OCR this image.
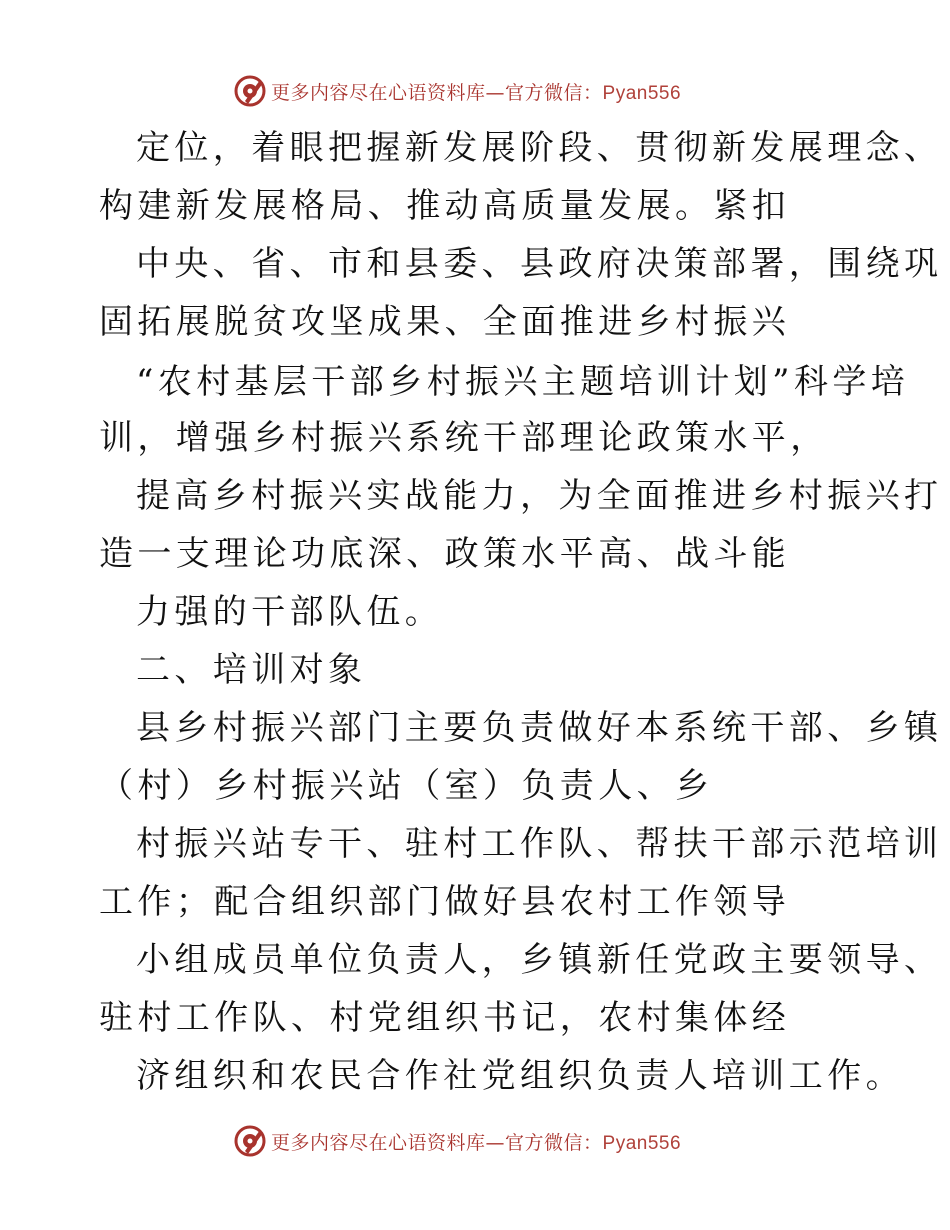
更多内容尽在心语资料库—官方微信：Pyan556
定位，着眼把握新发展阶段、贯彻新发展理念、
构建新发展格局、推动高质量发展。紧扣
中央、省、市和县委、县政府决策部署，围绕巩
固拓展脱贫攻坚成果、全面推进乡村振兴
“农村基层干部乡村振兴主题培训计划”科学培
训，增强乡村振兴系统干部理论政策水平，
提高乡村振兴实战能力，为全面推进乡村振兴打
造一支理论功底深、政策水平高、战斗能
力强的干部队伍。
二、培训对象
县乡村振兴部门主要负责做好本系统干部、乡镇
（村）乡村振兴站（室）负责人、乡
村振兴站专干、驻村工作队、帮扶干部示范培训
工作；配合组织部门做好县农村工作领导
小组成员单位负责人，乡镇新任党政主要领导、
驻村工作队、村党组织书记，农村集体经
济组织和农民合作社党组织负责人培训工作。
更多内容尽在心语资料库—官方微信：Pyan556
